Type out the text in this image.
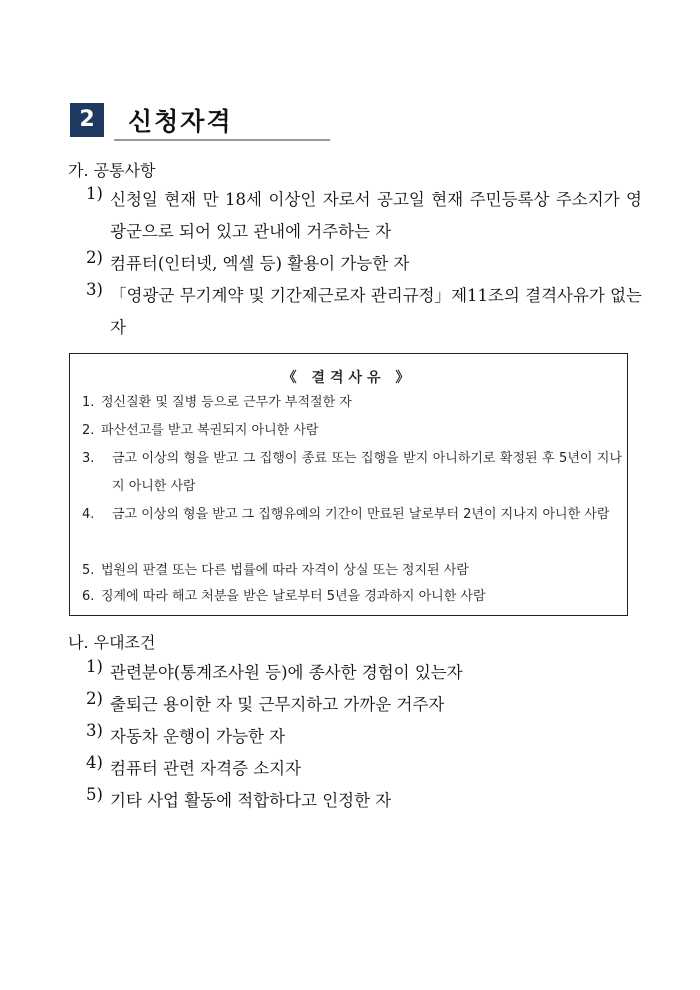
2	신청자격
가. 공통사항
1) 신청일 현재 만 18세 이상인 자로서 공고일 현재 주민등록상 주소지가 영광군으로 되어 있고 관내에 거주하는 자
2) 컴퓨터(인터넷, 엑셀 등) 활용이 가능한 자
3) 「영광군 무기계약 및 기간제근로자 관리규정」제11조의 결격사유가 없는 자
《 결격사유 》
1. 정신질환 및 질병 등으로 근무가 부적절한 자
2. 파산선고를 받고 복권되지 아니한 사람
3. 금고 이상의 형을 받고 그 집행이 종료 또는 집행을 받지 아니하기로 확정된 후 5년이 지나지 아니한 사람
4. 금고 이상의 형을 받고 그 집행유예의 기간이 만료된 날로부터 2년이 지나지 아니한 사람
5. 법원의 판결 또는 다른 법률에 따라 자격이 상실 또는 정지된 사람
6. 징계에 따라 해고 처분을 받은 날로부터 5년을 경과하지 아니한 사람
나. 우대조건
1) 관련분야(통계조사원 등)에 종사한 경험이 있는자
2) 출퇴근 용이한 자 및 근무지하고 가까운 거주자
3) 자동차 운행이 가능한 자
4) 컴퓨터 관련 자격증 소지자
5) 기타 사업 활동에 적합하다고 인정한 자
